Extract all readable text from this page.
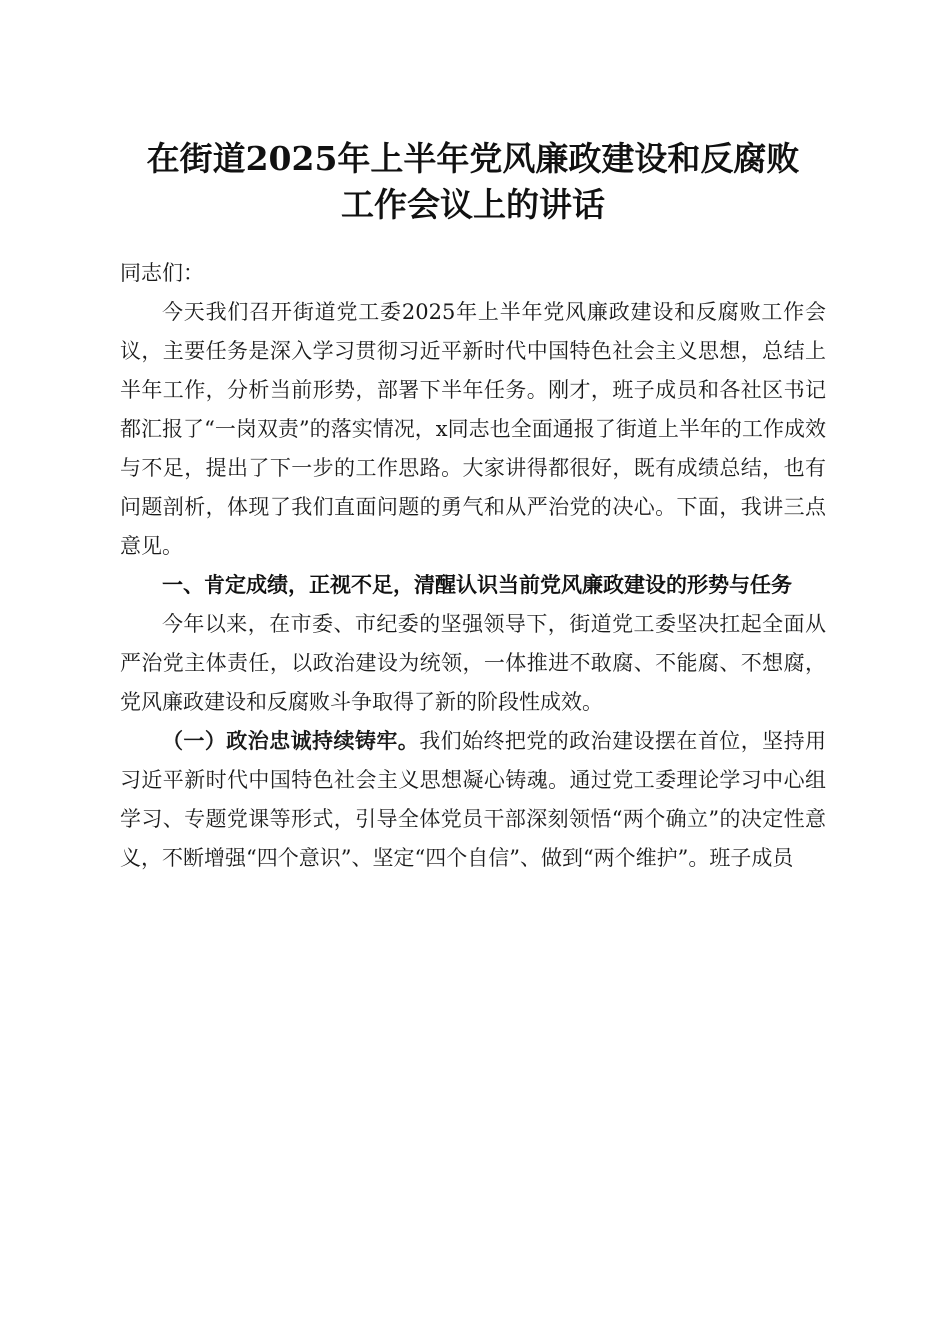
在街道2025年上半年党风廉政建设和反腐败
工作会议上的讲话

同志们：

今天我们召开街道党工委2025年上半年党风廉政建设和反腐败工作会议，主要任务是深入学习贯彻习近平新时代中国特色社会主义思想，总结上半年工作，分析当前形势，部署下半年任务。刚才，班子成员和各社区书记都汇报了“一岗双责”的落实情况，x同志也全面通报了街道上半年的工作成效与不足，提出了下一步的工作思路。大家讲得都很好，既有成绩总结，也有问题剖析，体现了我们直面问题的勇气和从严治党的决心。下面，我讲三点意见。

一、肯定成绩，正视不足，清醒认识当前党风廉政建设的形势与任务

今年以来，在市委、市纪委的坚强领导下，街道党工委坚决扛起全面从严治党主体责任，以政治建设为统领，一体推进不敢腐、不能腐、不想腐，党风廉政建设和反腐败斗争取得了新的阶段性成效。

（一）政治忠诚持续铸牢。我们始终把党的政治建设摆在首位，坚持用习近平新时代中国特色社会主义思想凝心铸魂。通过党工委理论学习中心组学习、专题党课等形式，引导全体党员干部深刻领悟“两个确立”的决定性意义，不断增强“四个意识”、坚定“四个自信”、做到“两个维护”。班子成员
